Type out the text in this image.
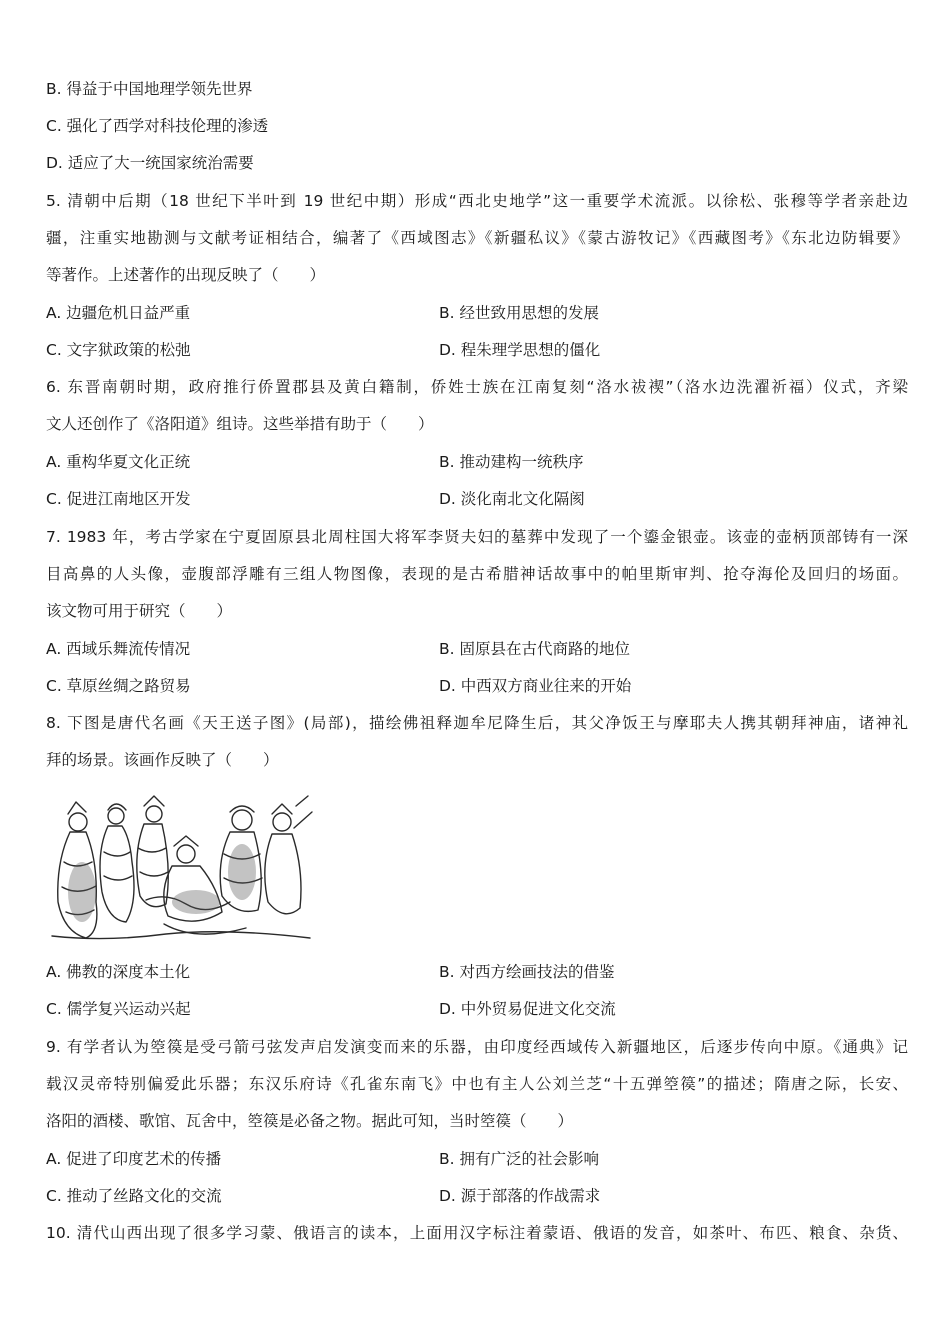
B. 得益于中国地理学领先世界
C. 强化了西学对科技伦理的渗透
D. 适应了大一统国家统治需要
5. 清朝中后期（18 世纪下半叶到 19 世纪中期）形成“西北史地学”这一重要学术流派。以徐松、张穆等学者亲赴边
疆，注重实地勘测与文献考证相结合，编著了《西域图志》《新疆私议》《蒙古游牧记》《西藏图考》《东北边防辑要》
等著作。上述著作的出现反映了（　　）
A. 边疆危机日益严重	B. 经世致用思想的发展
C. 文字狱政策的松弛	D. 程朱理学思想的僵化
6. 东晋南朝时期，政府推行侨置郡县及黄白籍制，侨姓士族在江南复刻“洛水祓禊”（洛水边洗濯祈福）仪式，齐梁
文人还创作了《洛阳道》组诗。这些举措有助于（　　）
A. 重构华夏文化正统	B. 推动建构一统秩序
C. 促进江南地区开发	D. 淡化南北文化隔阂
7. 1983 年，考古学家在宁夏固原县北周柱国大将军李贤夫妇的墓葬中发现了一个鎏金银壶。该壶的壶柄顶部铸有一深
目高鼻的人头像，壶腹部浮雕有三组人物图像，表现的是古希腊神话故事中的帕里斯审判、抢夺海伦及回归的场面。
该文物可用于研究（　　）
A. 西域乐舞流传情况	B. 固原县在古代商路的地位
C. 草原丝绸之路贸易	D. 中西双方商业往来的开始
8. 下图是唐代名画《天王送子图》(局部)，描绘佛祖释迦牟尼降生后，其父净饭王与摩耶夫人携其朝拜神庙，诸神礼
拜的场景。该画作反映了（　　）
A. 佛教的深度本土化	B. 对西方绘画技法的借鉴
C. 儒学复兴运动兴起	D. 中外贸易促进文化交流
9. 有学者认为箜篌是受弓箭弓弦发声启发演变而来的乐器，由印度经西域传入新疆地区，后逐步传向中原。《通典》记
载汉灵帝特别偏爱此乐器；东汉乐府诗《孔雀东南飞》中也有主人公刘兰芝“十五弹箜篌”的描述；隋唐之际，长安、
洛阳的酒楼、歌馆、瓦舍中，箜篌是必备之物。据此可知，当时箜篌（　　）
A. 促进了印度艺术的传播	B. 拥有广泛的社会影响
C. 推动了丝路文化的交流	D. 源于部落的作战需求
10. 清代山西出现了很多学习蒙、俄语言的读本，上面用汉字标注着蒙语、俄语的发音，如茶叶、布匹、粮食、杂货、
